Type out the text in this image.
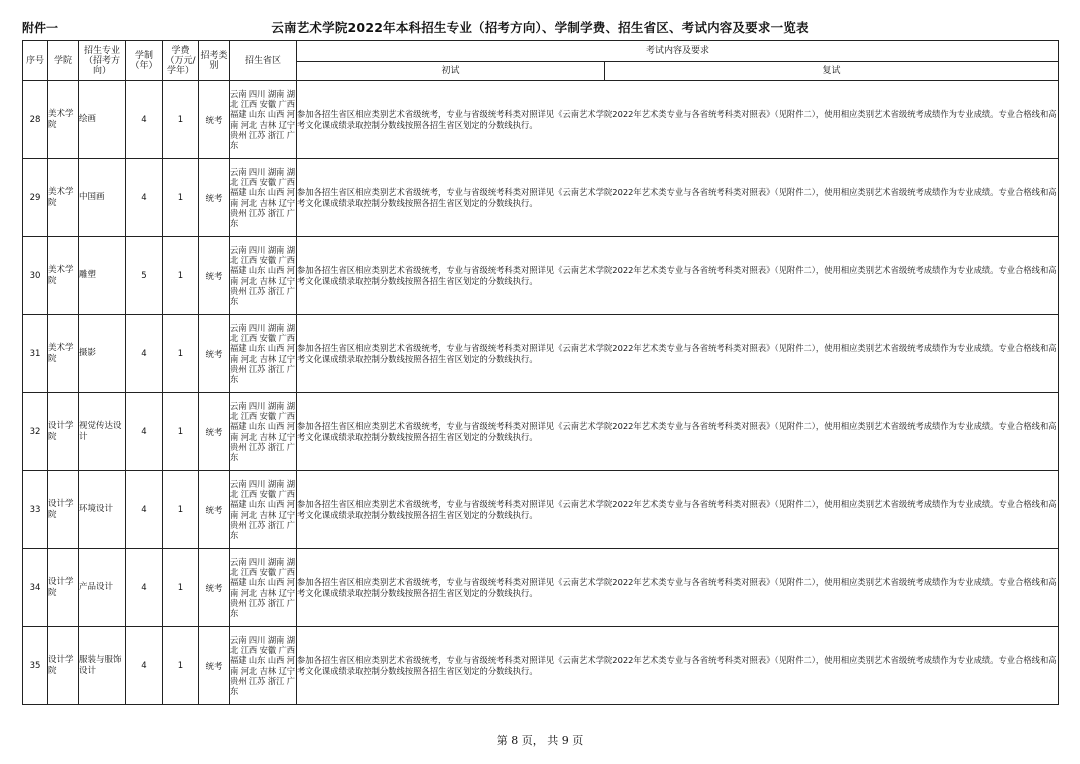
附件一	云南艺术学院2022年本科招生专业（招考方向）、学制学费、招生省区、考试内容及要求一览表
序号	学院	招生专业（招考方向）	学制（年）	学费（万元/学年）	招考类别	招生省区	考试内容及要求	
							初试	复试
28	美术学院	绘画	4	1	统考	云南 四川 湖南 湖北 江西 安徽 广西 福建 山东 山西 河南 河北 吉林 辽宁 贵州 江苏 浙江 广东	参加各招生省区相应类别艺术省级统考，专业与省级统考科类对照详见《云南艺术学院2022年艺术类专业与各省统考科类对照表》（见附件二），使用相应类别艺术省级统考成绩作为专业成绩。专业合格线和高考文化课成绩录取控制分数线按照各招生省区划定的分数线执行。	
29	美术学院	中国画	4	1	统考	云南 四川 湖南 湖北 江西 安徽 广西 福建 山东 山西 河南 河北 吉林 辽宁 贵州 江苏 浙江 广东	参加各招生省区相应类别艺术省级统考，专业与省级统考科类对照详见《云南艺术学院2022年艺术类专业与各省统考科类对照表》（见附件二），使用相应类别艺术省级统考成绩作为专业成绩。专业合格线和高考文化课成绩录取控制分数线按照各招生省区划定的分数线执行。	
30	美术学院	雕塑	5	1	统考	云南 四川 湖南 湖北 江西 安徽 广西 福建 山东 山西 河南 河北 吉林 辽宁 贵州 江苏 浙江 广东	参加各招生省区相应类别艺术省级统考，专业与省级统考科类对照详见《云南艺术学院2022年艺术类专业与各省统考科类对照表》（见附件二），使用相应类别艺术省级统考成绩作为专业成绩。专业合格线和高考文化课成绩录取控制分数线按照各招生省区划定的分数线执行。	
31	美术学院	摄影	4	1	统考	云南 四川 湖南 湖北 江西 安徽 广西 福建 山东 山西 河南 河北 吉林 辽宁 贵州 江苏 浙江 广东	参加各招生省区相应类别艺术省级统考，专业与省级统考科类对照详见《云南艺术学院2022年艺术类专业与各省统考科类对照表》（见附件二），使用相应类别艺术省级统考成绩作为专业成绩。专业合格线和高考文化课成绩录取控制分数线按照各招生省区划定的分数线执行。	
32	设计学院	视觉传达设计	4	1	统考	云南 四川 湖南 湖北 江西 安徽 广西 福建 山东 山西 河南 河北 吉林 辽宁 贵州 江苏 浙江 广东	参加各招生省区相应类别艺术省级统考，专业与省级统考科类对照详见《云南艺术学院2022年艺术类专业与各省统考科类对照表》（见附件二），使用相应类别艺术省级统考成绩作为专业成绩。专业合格线和高考文化课成绩录取控制分数线按照各招生省区划定的分数线执行。	
33	设计学院	环境设计	4	1	统考	云南 四川 湖南 湖北 江西 安徽 广西 福建 山东 山西 河南 河北 吉林 辽宁 贵州 江苏 浙江 广东	参加各招生省区相应类别艺术省级统考，专业与省级统考科类对照详见《云南艺术学院2022年艺术类专业与各省统考科类对照表》（见附件二），使用相应类别艺术省级统考成绩作为专业成绩。专业合格线和高考文化课成绩录取控制分数线按照各招生省区划定的分数线执行。	
34	设计学院	产品设计	4	1	统考	云南 四川 湖南 湖北 江西 安徽 广西 福建 山东 山西 河南 河北 吉林 辽宁 贵州 江苏 浙江 广东	参加各招生省区相应类别艺术省级统考，专业与省级统考科类对照详见《云南艺术学院2022年艺术类专业与各省统考科类对照表》（见附件二），使用相应类别艺术省级统考成绩作为专业成绩。专业合格线和高考文化课成绩录取控制分数线按照各招生省区划定的分数线执行。	
35	设计学院	服装与服饰设计	4	1	统考	云南 四川 湖南 湖北 江西 安徽 广西 福建 山东 山西 河南 河北 吉林 辽宁 贵州 江苏 浙江 广东	参加各招生省区相应类别艺术省级统考，专业与省级统考科类对照详见《云南艺术学院2022年艺术类专业与各省统考科类对照表》（见附件二），使用相应类别艺术省级统考成绩作为专业成绩。专业合格线和高考文化课成绩录取控制分数线按照各招生省区划定的分数线执行。	
第 8 页， 共 9 页
